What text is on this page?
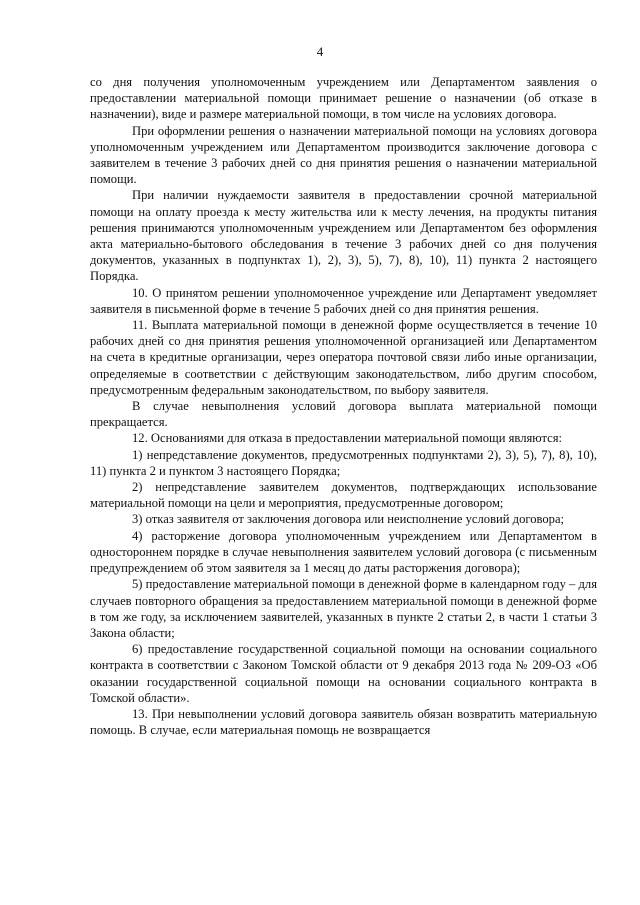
4

со дня получения уполномоченным учреждением или Департаментом заявления о предоставлении материальной помощи принимает решение о назначении (об отказе в назначении), виде и размере материальной помощи, в том числе на условиях договора.

При оформлении решения о назначении материальной помощи на условиях договора уполномоченным учреждением или Департаментом производится заключение договора с заявителем в течение 3 рабочих дней со дня принятия решения о назначении материальной помощи.

При наличии нуждаемости заявителя в предоставлении срочной материальной помощи на оплату проезда к месту жительства или к месту лечения, на продукты питания решения принимаются уполномоченным учреждением или Департаментом без оформления акта материально-бытового обследования в течение 3 рабочих дней со дня получения документов, указанных в подпунктах 1), 2), 3), 5), 7), 8), 10), 11) пункта 2 настоящего Порядка.

10. О принятом решении уполномоченное учреждение или Департамент уведомляет заявителя в письменной форме в течение 5 рабочих дней со дня принятия решения.

11. Выплата материальной помощи в денежной форме осуществляется в течение 10 рабочих дней со дня принятия решения уполномоченной организацией или Департаментом на счета в кредитные организации, через оператора почтовой связи либо иные организации, определяемые в соответствии с действующим законодательством, либо другим способом, предусмотренным федеральным законодательством, по выбору заявителя.

В случае невыполнения условий договора выплата материальной помощи прекращается.

12. Основаниями для отказа в предоставлении материальной помощи являются:

1) непредставление документов, предусмотренных подпунктами 2), 3), 5), 7), 8), 10), 11) пункта 2 и пунктом 3 настоящего Порядка;

2) непредставление заявителем документов, подтверждающих использование материальной помощи на цели и мероприятия, предусмотренные договором;

3) отказ заявителя от заключения договора или неисполнение условий договора;

4) расторжение договора уполномоченным учреждением или Департаментом в одностороннем порядке в случае невыполнения заявителем условий договора (с письменным предупреждением об этом заявителя за 1 месяц до даты расторжения договора);

5) предоставление материальной помощи в денежной форме в календарном году – для случаев повторного обращения за предоставлением материальной помощи в денежной форме в том же году, за исключением заявителей, указанных в пункте 2 статьи 2, в части 1 статьи 3 Закона области;

6) предоставление государственной социальной помощи на основании социального контракта в соответствии с Законом Томской области от 9 декабря 2013 года № 209-ОЗ «Об оказании государственной социальной помощи на основании социального контракта в Томской области».

13. При невыполнении условий договора заявитель обязан возвратить материальную помощь. В случае, если материальная помощь не возвращается
